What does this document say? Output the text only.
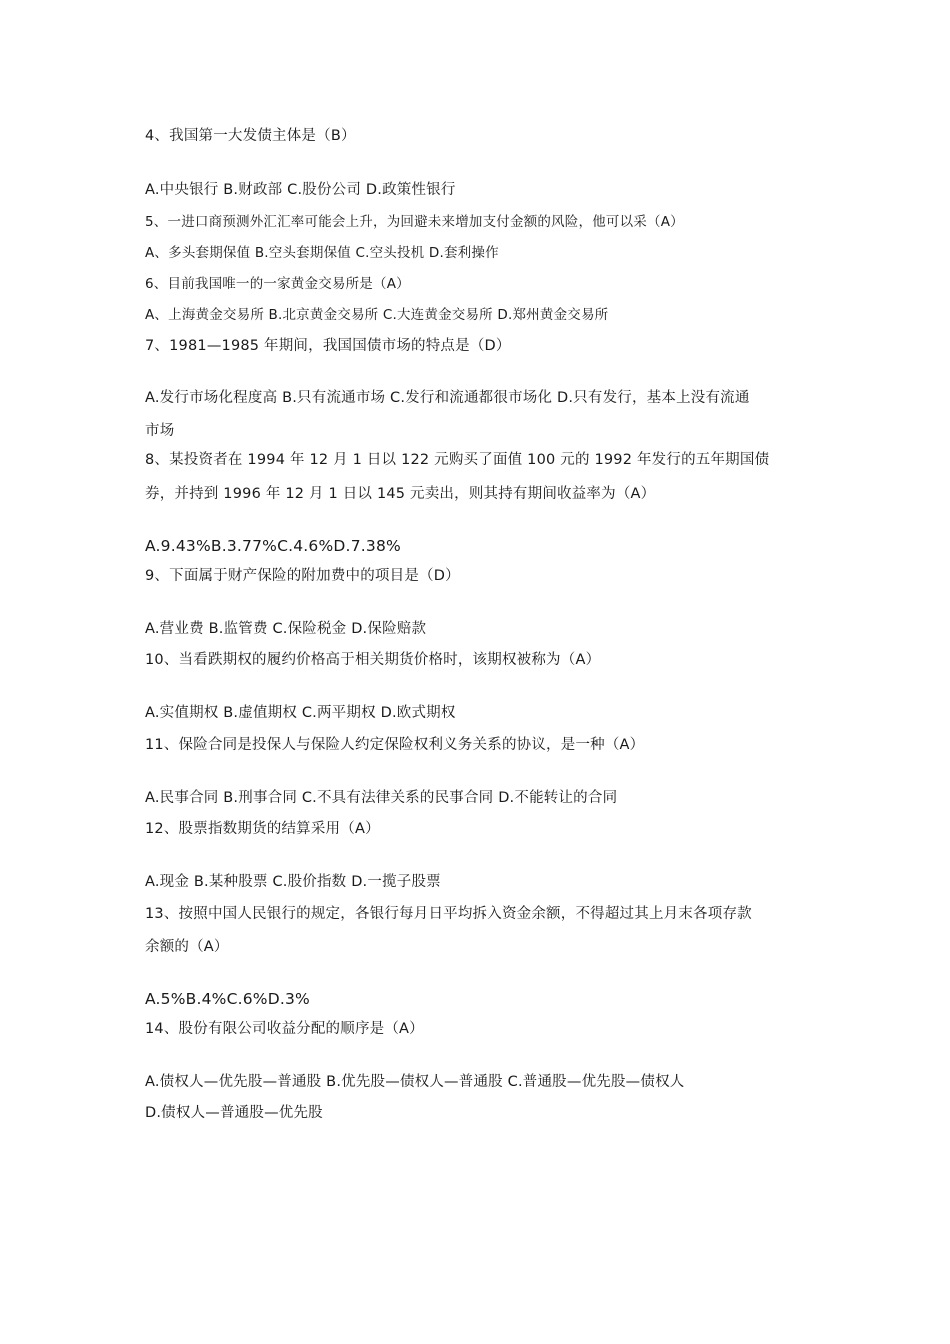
4、我国第一大发债主体是（B）
A.中央银行 B.财政部 C.股份公司 D.政策性银行
5、一进口商预测外汇汇率可能会上升，为回避未来增加支付金额的风险，他可以采（A）
A、多头套期保值 B.空头套期保值 C.空头投机 D.套利操作
6、目前我国唯一的一家黄金交易所是（A）
A、上海黄金交易所 B.北京黄金交易所 C.大连黄金交易所 D.郑州黄金交易所
7、1981—1985 年期间，我国国债市场的特点是（D）
A.发行市场化程度高 B.只有流通市场 C.发行和流通都很市场化 D.只有发行，基本上没有流通
市场
8、某投资者在 1994 年 12 月 1 日以 122 元购买了面值 100 元的 1992 年发行的五年期国债
券，并持到 1996 年 12 月 1 日以 145 元卖出，则其持有期间收益率为（A）
A.9.43%B.3.77%C.4.6%D.7.38%
9、下面属于财产保险的附加费中的项目是（D）
A.营业费 B.监管费 C.保险税金 D.保险赔款
10、当看跌期权的履约价格高于相关期货价格时，该期权被称为（A）
A.实值期权 B.虚值期权 C.两平期权 D.欧式期权
11、保险合同是投保人与保险人约定保险权利义务关系的协议，是一种（A）
A.民事合同 B.刑事合同 C.不具有法律关系的民事合同 D.不能转让的合同
12、股票指数期货的结算采用（A）
A.现金 B.某种股票 C.股价指数 D.一揽子股票
13、按照中国人民银行的规定，各银行每月日平均拆入资金余额，不得超过其上月末各项存款
余额的（A）
A.5%B.4%C.6%D.3%
14、股份有限公司收益分配的顺序是（A）
A.债权人—优先股—普通股 B.优先股—债权人—普通股 C.普通股—优先股—债权人
D.债权人—普通股—优先股
